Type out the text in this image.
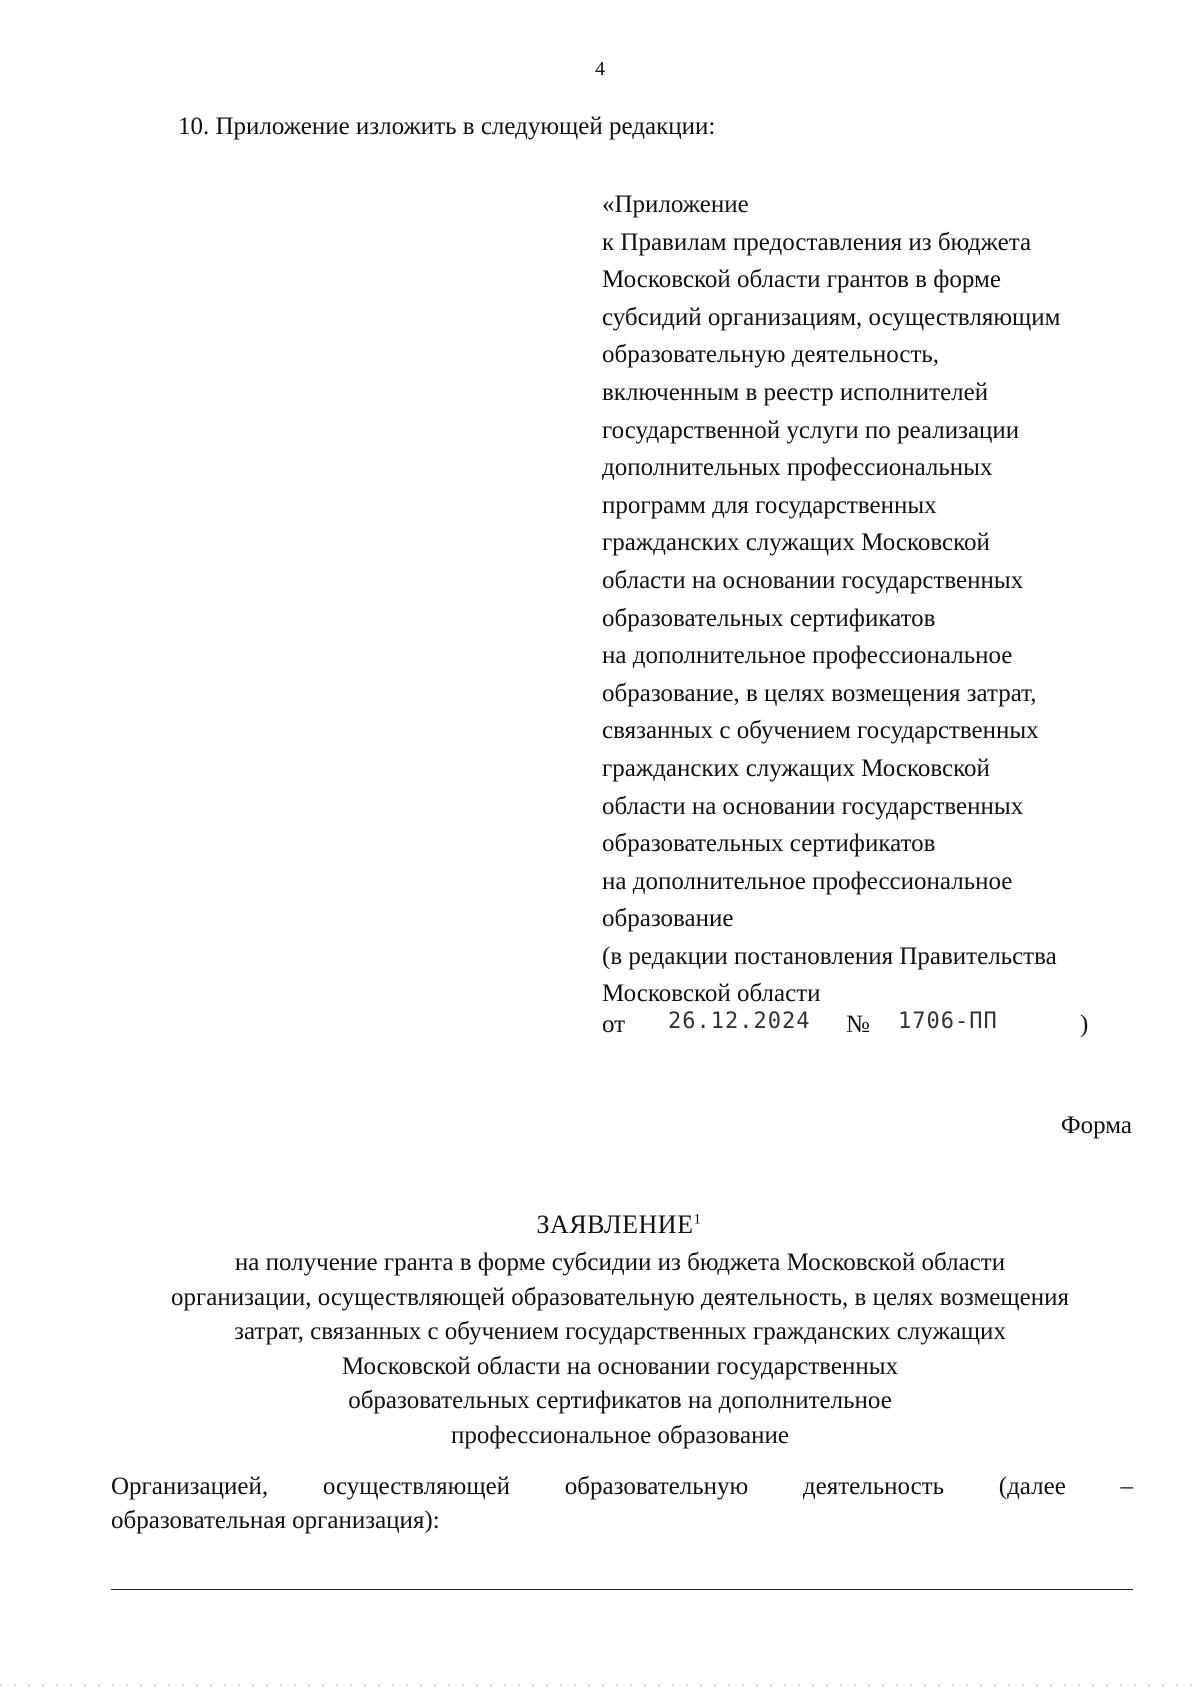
4
10. Приложение изложить в следующей редакции:
«Приложение
к Правилам предоставления из бюджета
Московской области грантов в форме
субсидий организациям, осуществляющим
образовательную деятельность,
включенным в реестр исполнителей
государственной услуги по реализации
дополнительных профессиональных
программ для государственных
гражданских служащих Московской
области на основании государственных
образовательных сертификатов
на дополнительное профессиональное
образование, в целях возмещения затрат,
связанных с обучением государственных
гражданских служащих Московской
области на основании государственных
образовательных сертификатов
на дополнительное профессиональное
образование
(в редакции постановления Правительства
Московской области
от 26.12.2024 № 1706-ПП	)
Форма
ЗАЯВЛЕНИЕ$^1$
на получение гранта в форме субсидии из бюджета Московской области
организации, осуществляющей образовательную деятельность, в целях возмещения
затрат, связанных с обучением государственных гражданских служащих
Московской области на основании государственных
образовательных сертификатов на дополнительное
профессиональное образование
Организацией, осуществляющей образовательную деятельность (далее –
образовательная организация):
